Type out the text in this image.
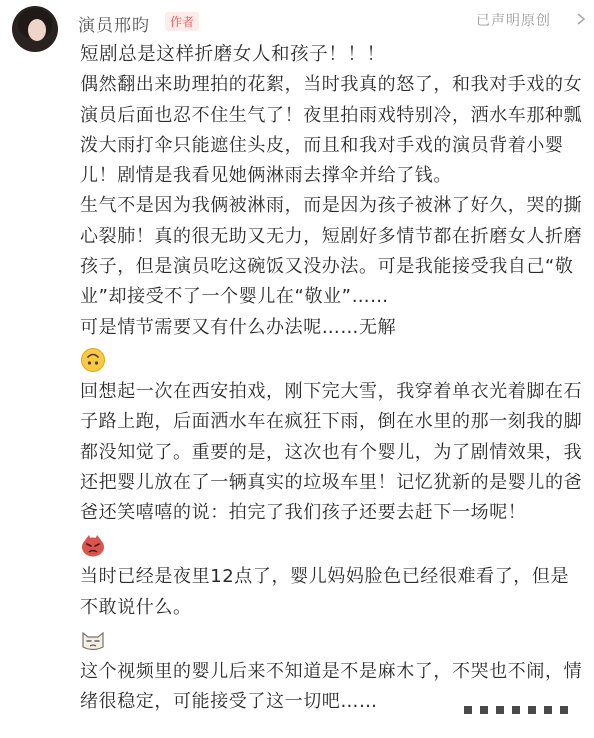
演员邢昀	作者	已声明原创

短剧总是这样折磨女人和孩子！！！

偶然翻出来助理拍的花絮，当时我真的怒了，和我对手戏的女演员后面也忍不住生气了！夜里拍雨戏特别冷，洒水车那种瓢泼大雨打伞只能遮住头皮，而且和我对手戏的演员背着小婴儿！剧情是我看见她俩淋雨去撑伞并给了钱。

生气不是因为我俩被淋雨，而是因为孩子被淋了好久，哭的撕心裂肺！真的很无助又无力，短剧好多情节都在折磨女人折磨孩子，但是演员吃这碗饭又没办法。可是我能接受我自己“敬业”却接受不了一个婴儿在“敬业”……

可是情节需要又有什么办法呢……无解

回想起一次在西安拍戏，刚下完大雪，我穿着单衣光着脚在石子路上跑，后面洒水车在疯狂下雨，倒在水里的那一刻我的脚都没知觉了。重要的是，这次也有个婴儿，为了剧情效果，我还把婴儿放在了一辆真实的垃圾车里！记忆犹新的是婴儿的爸爸还笑嘻嘻的说：拍完了我们孩子还要去赶下一场呢！

当时已经是夜里12点了，婴儿妈妈脸色已经很难看了，但是不敢说什么。

这个视频里的婴儿后来不知道是不是麻木了，不哭也不闹，情绪很稳定，可能接受了这一切吧……
